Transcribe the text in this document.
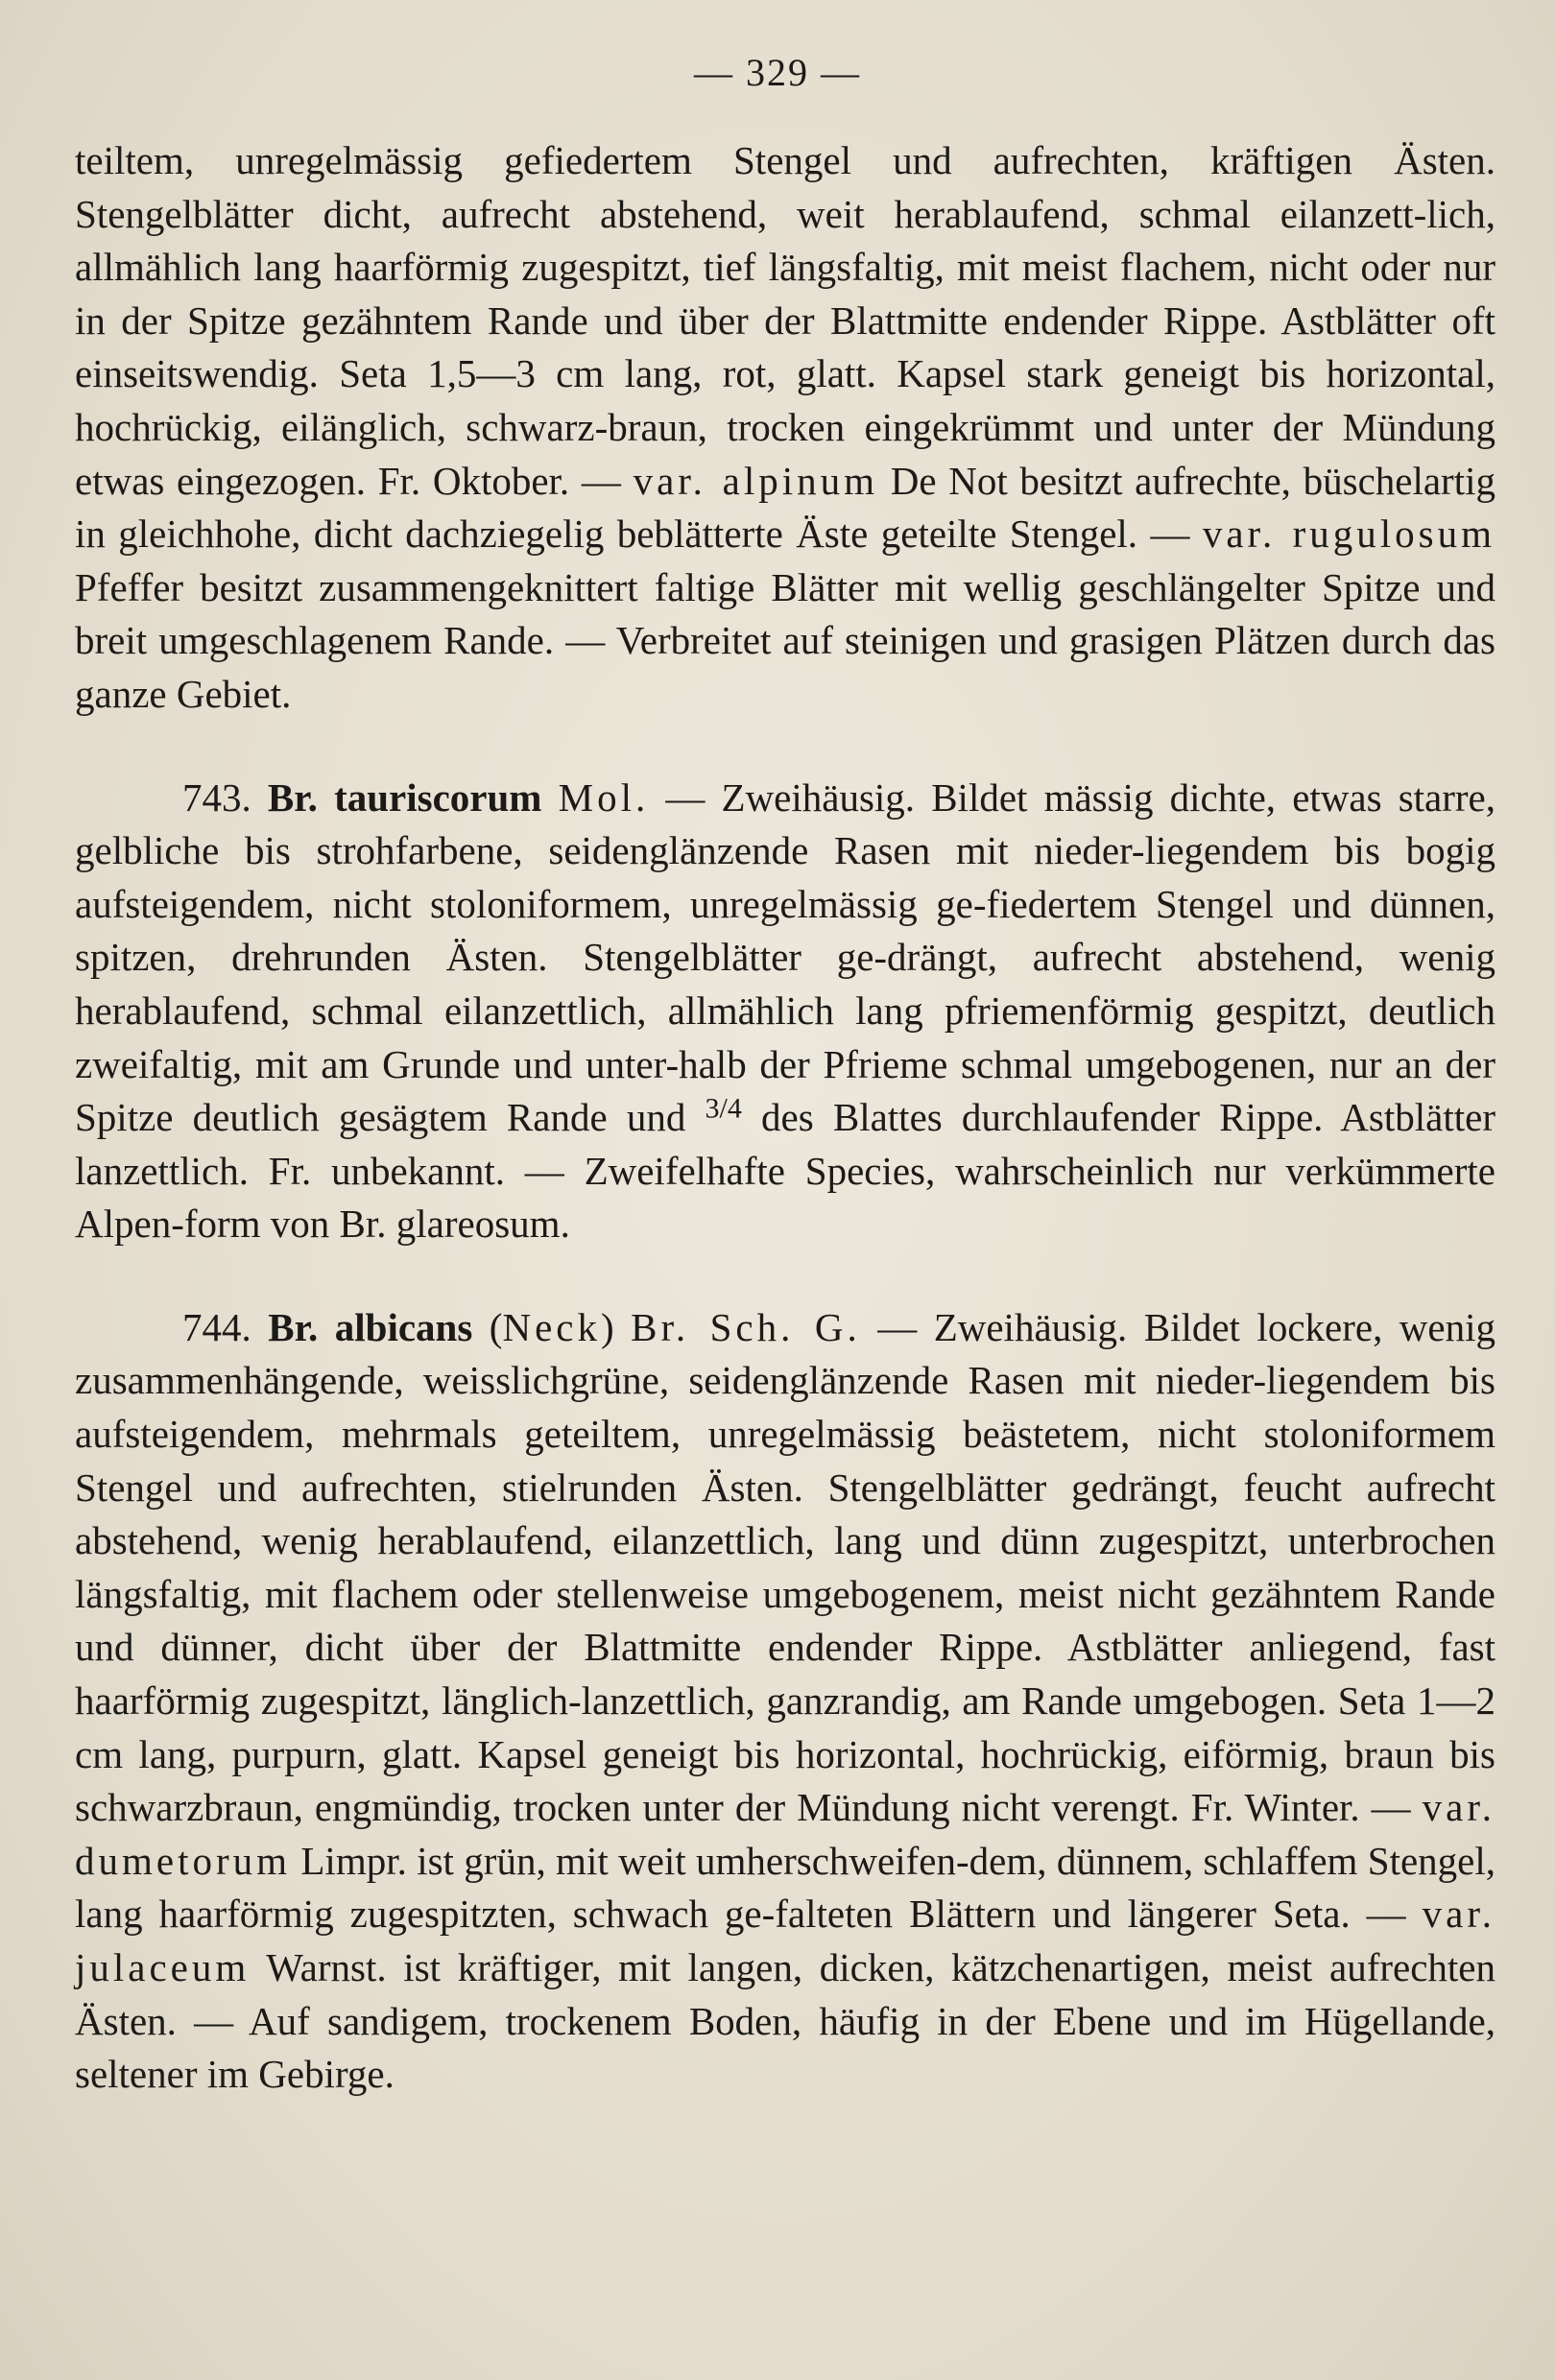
— 329 —

teiltem, unregelmässig gefiedertem Stengel und aufrechten, kräftigen Ästen. Stengelblätter dicht, aufrecht abstehend, weit herablaufend, schmal eilanzett-lich, allmählich lang haarförmig zugespitzt, tief längsfaltig, mit meist flachem, nicht oder nur in der Spitze gezähntem Rande und über der Blattmitte endender Rippe. Astblätter oft einseitswendig. Seta 1,5—3 cm lang, rot, glatt. Kapsel stark geneigt bis horizontal, hochrückig, eilänglich, schwarz-braun, trocken eingekrümmt und unter der Mündung etwas eingezogen. Fr. Oktober. — var. alpinum De Not besitzt aufrechte, büschelartig in gleichhohe, dicht dachziegelig beblätterte Äste geteilte Stengel. — var. rugulosum Pfeffer besitzt zusammengeknittert faltige Blätter mit wellig geschlängelter Spitze und breit umgeschlagenem Rande. — Verbreitet auf steinigen und grasigen Plätzen durch das ganze Gebiet.

743. Br. tauriscorum Mol. — Zweihäusig. Bildet mässig dichte, etwas starre, gelbliche bis strohfarbene, seidenglänzende Rasen mit nieder-liegendem bis bogig aufsteigendem, nicht stoloniformem, unregelmässig ge-fiedertem Stengel und dünnen, spitzen, drehrunden Ästen. Stengelblätter ge-drängt, aufrecht abstehend, wenig herablaufend, schmal eilanzettlich, allmählich lang pfriemenförmig gespitzt, deutlich zweifaltig, mit am Grunde und unter-halb der Pfrieme schmal umgebogenen, nur an der Spitze deutlich gesägtem Rande und $^{3/4}$ des Blattes durchlaufender Rippe. Astblätter lanzettlich. Fr. unbekannt. — Zweifelhafte Species, wahrscheinlich nur verkümmerte Alpen-form von Br. glareosum.

744. Br. albicans (Neck) Br. Sch. G. — Zweihäusig. Bildet lockere, wenig zusammenhängende, weisslichgrüne, seidenglänzende Rasen mit nieder-liegendem bis aufsteigendem, mehrmals geteiltem, unregelmässig beästetem, nicht stoloniformem Stengel und aufrechten, stielrunden Ästen. Stengelblätter gedrängt, feucht aufrecht abstehend, wenig herablaufend, eilanzettlich, lang und dünn zugespitzt, unterbrochen längsfaltig, mit flachem oder stellenweise umgebogenem, meist nicht gezähntem Rande und dünner, dicht über der Blattmitte endender Rippe. Astblätter anliegend, fast haarförmig zugespitzt, länglich-lanzettlich, ganzrandig, am Rande umgebogen. Seta 1—2 cm lang, purpurn, glatt. Kapsel geneigt bis horizontal, hochrückig, eiförmig, braun bis schwarzbraun, engmündig, trocken unter der Mündung nicht verengt. Fr. Winter. — var. dumetorum Limpr. ist grün, mit weit umherschweifen-dem, dünnem, schlaffem Stengel, lang haarförmig zugespitzten, schwach ge-falteten Blättern und längerer Seta. — var. julaceum Warnst. ist kräftiger, mit langen, dicken, kätzchenartigen, meist aufrechten Ästen. — Auf sandigem, trockenem Boden, häufig in der Ebene und im Hügellande, seltener im Gebirge.
